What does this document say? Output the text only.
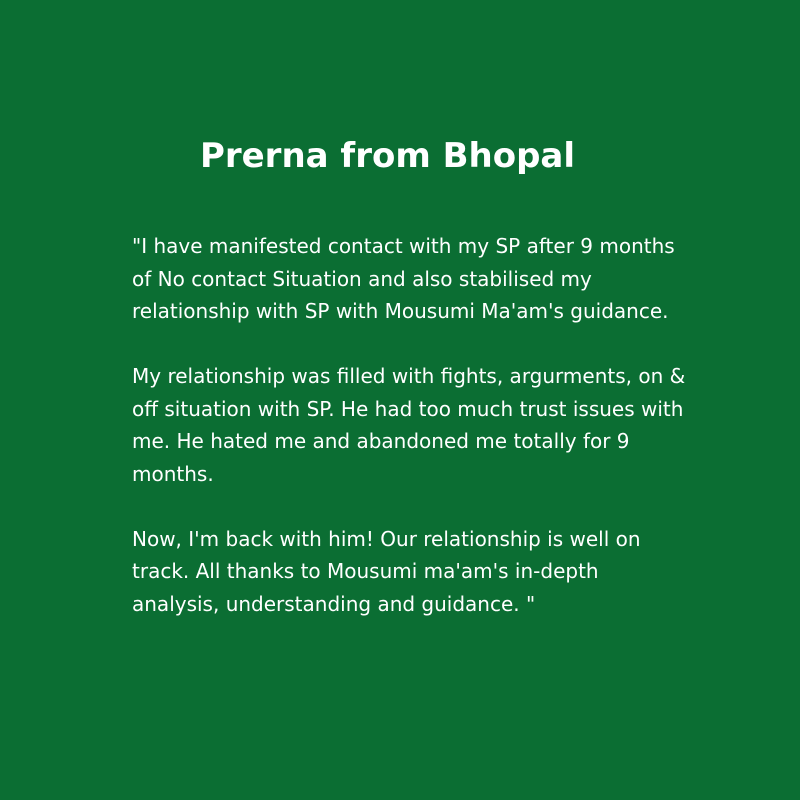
Prerna from Bhopal

"I have manifested contact with my SP after 9 months of No contact Situation and also stabilised my relationship with SP with Mousumi Ma'am's guidance.

My relationship was filled with fights, argurments, on & off situation with SP. He had too much trust issues with me. He hated me and abandoned me totally for 9 months.

Now, I'm back with him! Our relationship is well on track. All thanks to Mousumi ma'am's in-depth analysis, understanding and guidance. "
